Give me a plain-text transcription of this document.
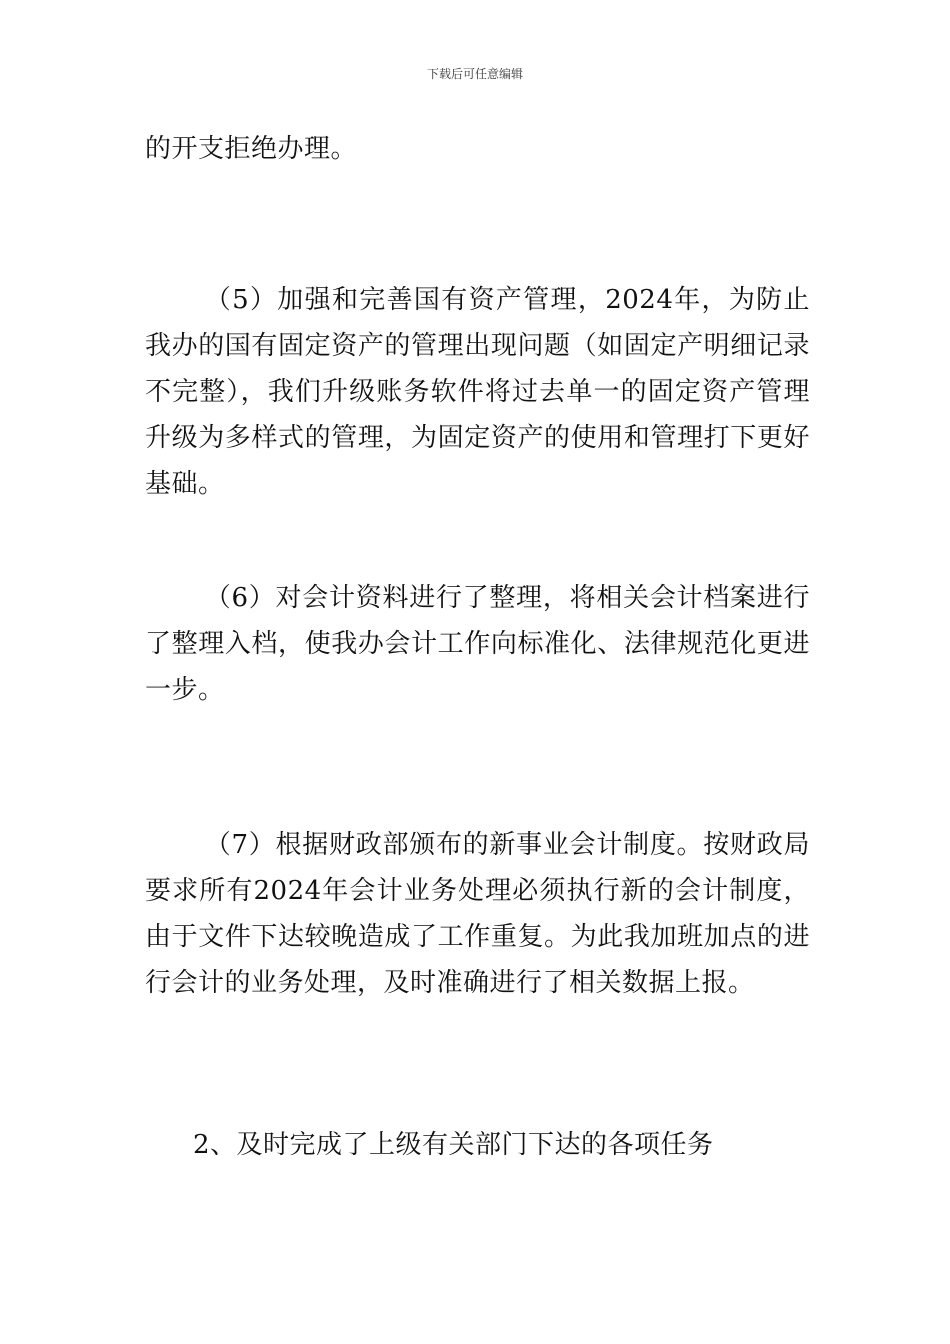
下载后可任意编辑

的开支拒绝办理。

（5）加强和完善国有资产管理，2024年，为防止我办的国有固定资产的管理出现问题（如固定产明细记录不完整），我们升级账务软件将过去单一的固定资产管理升级为多样式的管理，为固定资产的使用和管理打下更好基础。

（6）对会计资料进行了整理，将相关会计档案进行了整理入档，使我办会计工作向标准化、法律规范化更进一步。

（7）根据财政部颁布的新事业会计制度。按财政局要求所有2024年会计业务处理必须执行新的会计制度，由于文件下达较晚造成了工作重复。为此我加班加点的进行会计的业务处理，及时准确进行了相关数据上报。

2、及时完成了上级有关部门下达的各项任务
